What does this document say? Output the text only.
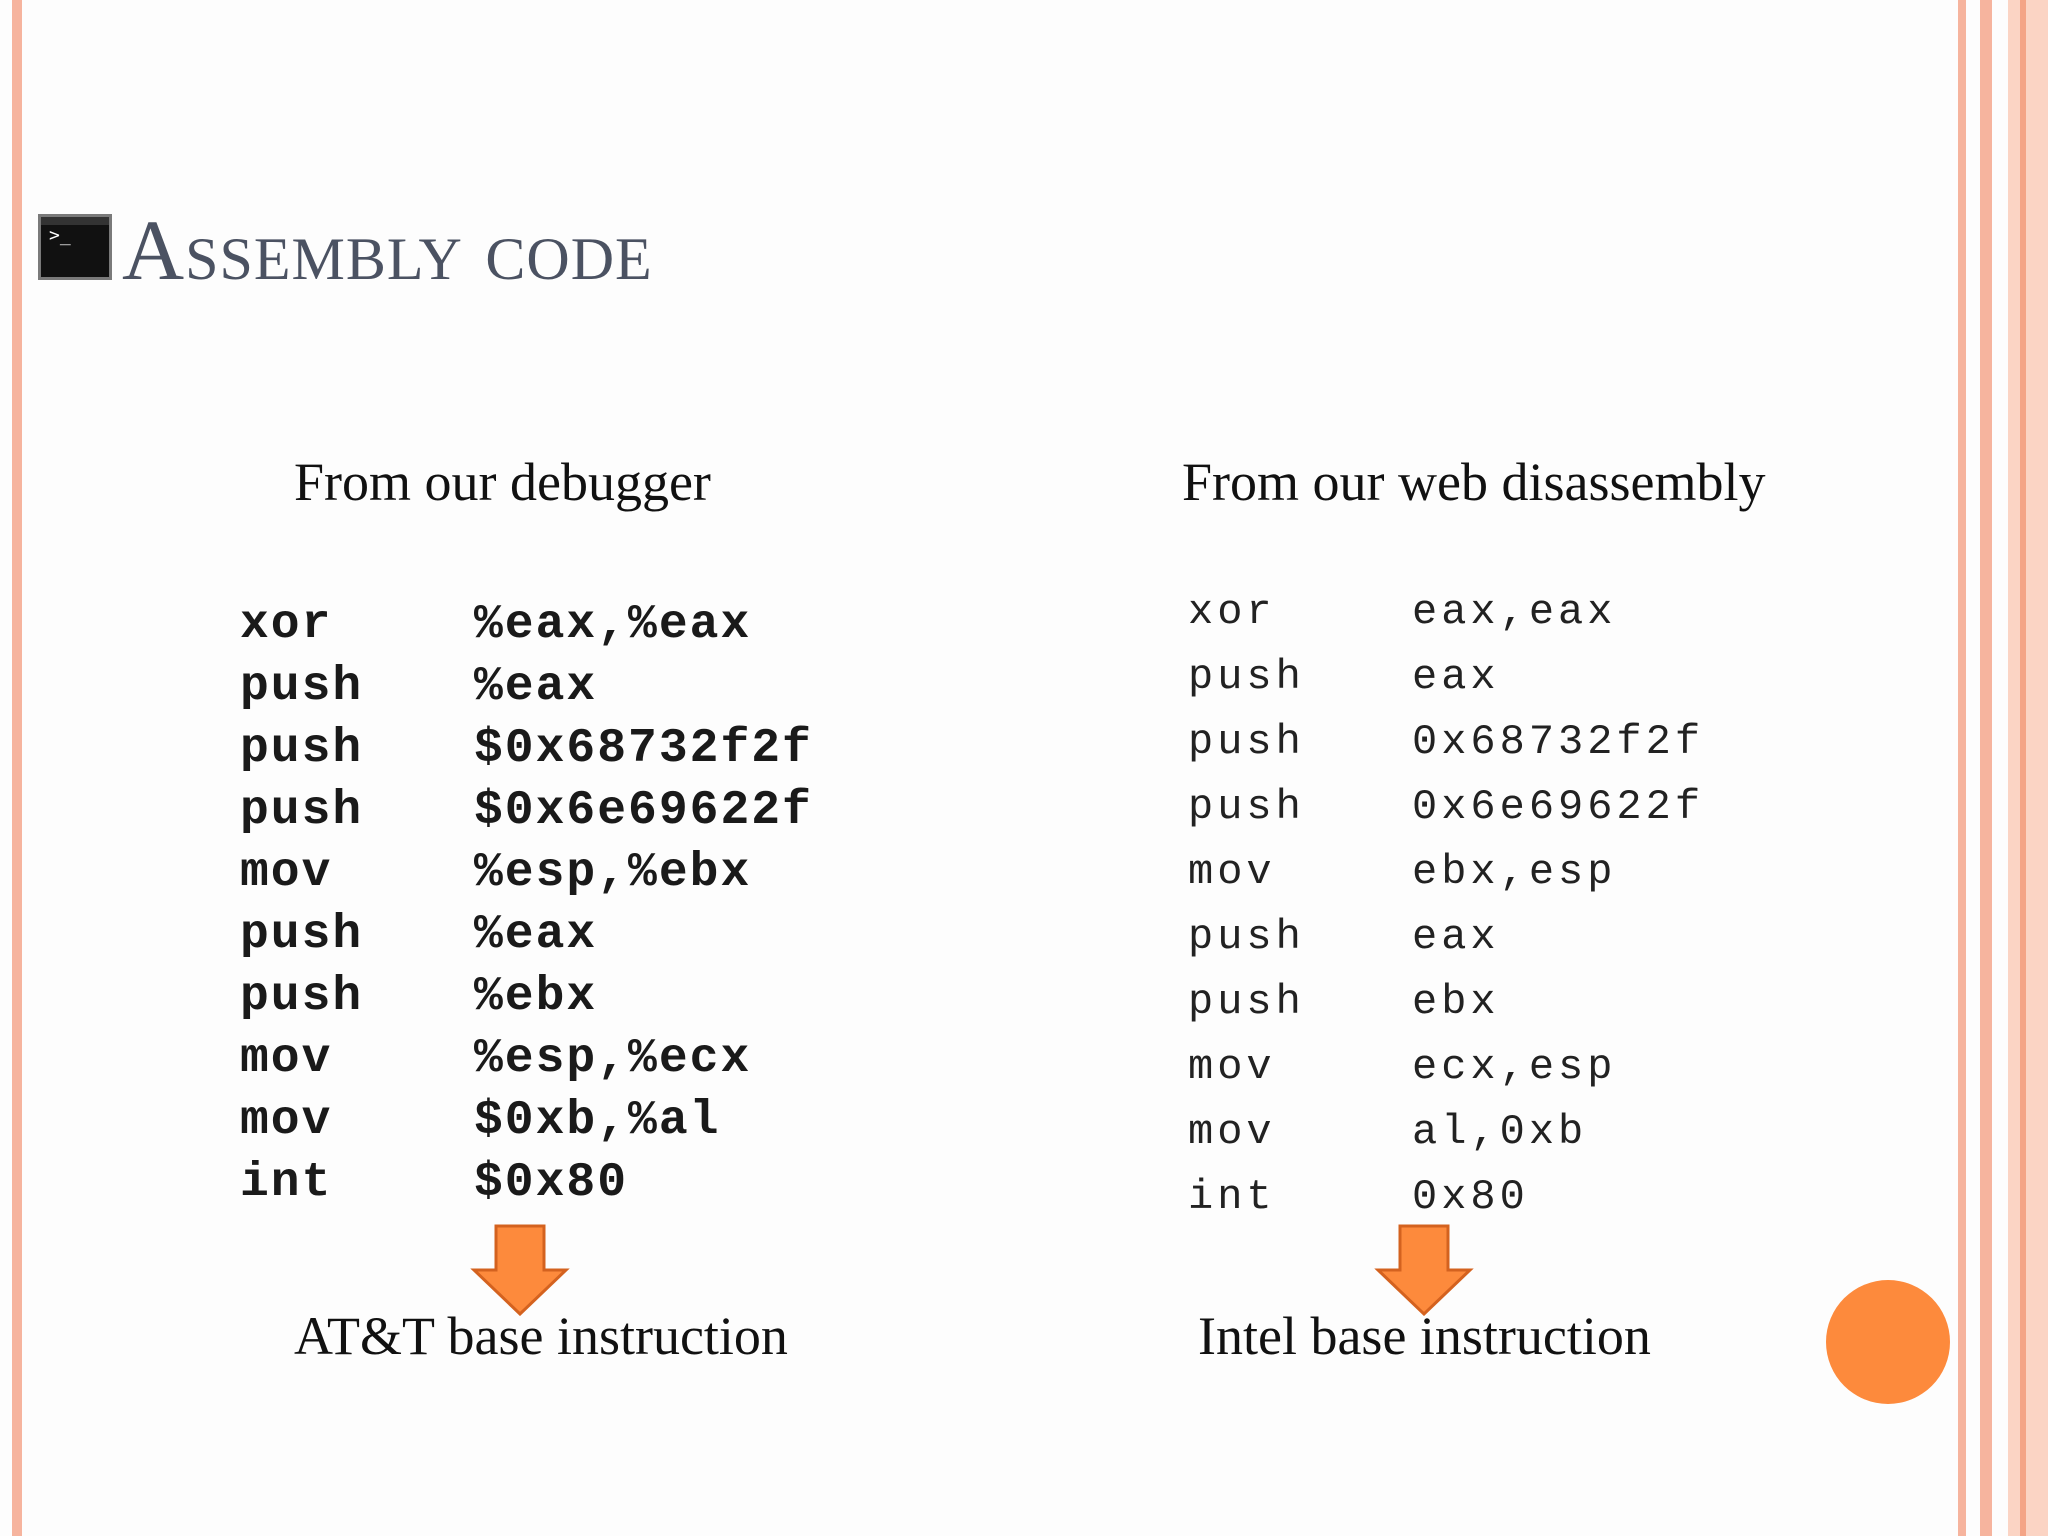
>_ Assembly code
From our debugger	From our web disassembly
xor	%eax,%eax
push %eax
push $0x68732f2f
push $0x6e69622f
mov	%esp,%ebx
push %eax
push %ebx
mov	%esp,%ecx
mov	$0xb,%al
int	$0x80
xor	eax,eax
push	eax
push	0x68732f2f
push	0x6e69622f
mov	ebx,esp
push	eax
push	ebx
mov	ecx,esp
mov	al,0xb
int	0x80
AT&T base instruction	Intel base instruction
